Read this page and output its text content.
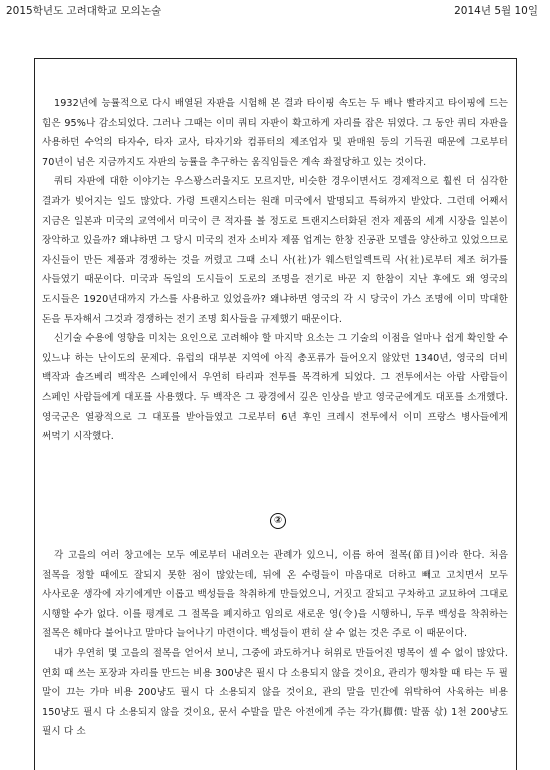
2015학년도 고려대학교 모의논술	2014년 5월 10일

1932년에 능률적으로 다시 배열된 자판을 시험해 본 결과 타이핑 속도는 두 배나 빨라지고 타이핑에 드는 힘은 95%나 감소되었다. 그러나 그때는 이미 쿼티 자판이 확고하게 자리를 잡은 뒤였다. 그 동안 쿼티 자판을 사용하던 수억의 타자수, 타자 교사, 타자기와 컴퓨터의 제조업자 및 판매원 등의 기득권 때문에 그로부터 70년이 넘은 지금까지도 자판의 능률을 추구하는 움직임들은 계속 좌절당하고 있는 것이다.

쿼티 자판에 대한 이야기는 우스꽝스러울지도 모르지만, 비슷한 경우이면서도 경제적으로 훨씬 더 심각한 결과가 빚어지는 일도 많았다. 가령 트랜지스터는 원래 미국에서 발명되고 특허까지 받았다. 그런데 어째서 지금은 일본과 미국의 교역에서 미국이 큰 적자를 볼 정도로 트랜지스터화된 전자 제품의 세계 시장을 일본이 장악하고 있을까? 왜냐하면 그 당시 미국의 전자 소비자 제품 업계는 한창 진공관 모델을 양산하고 있었으므로 자신들이 만든 제품과 경쟁하는 것을 꺼렸고 그때 소니 사(社)가 웨스턴일렉트릭 사(社)로부터 제조 허가를 사들였기 때문이다. 미국과 독일의 도시들이 도로의 조명을 전기로 바꾼 지 한참이 지난 후에도 왜 영국의 도시들은 1920년대까지 가스를 사용하고 있었을까? 왜냐하면 영국의 각 시 당국이 가스 조명에 이미 막대한 돈을 투자해서 그것과 경쟁하는 전기 조명 회사들을 규제했기 때문이다.

신기술 수용에 영향을 미치는 요인으로 고려해야 할 마지막 요소는 그 기술의 이점을 얼마나 쉽게 확인할 수 있느냐 하는 난이도의 문제다. 유럽의 대부분 지역에 아직 총포류가 들어오지 않았던 1340년, 영국의 더비 백작과 솔즈베리 백작은 스페인에서 우연히 타리파 전투를 목격하게 되었다. 그 전투에서는 아랍 사람들이 스페인 사람들에게 대포를 사용했다. 두 백작은 그 광경에서 깊은 인상을 받고 영국군에게도 대포를 소개했다. 영국군은 열광적으로 그 대포를 받아들였고 그로부터 6년 후인 크레시 전투에서 이미 프랑스 병사들에게 써먹기 시작했다.

②

각 고을의 여러 창고에는 모두 예로부터 내려오는 관례가 있으니, 이름 하여 절목(節目)이라 한다. 처음 절목을 정할 때에도 잘되지 못한 점이 많았는데, 뒤에 온 수령들이 마음대로 더하고 빼고 고치면서 모두 사사로운 생각에 자기에게만 이롭고 백성들을 착취하게 만들었으니, 거짓고 잘되고 구차하고 교묘하여 그대로 시행할 수가 없다. 이를 평계로 그 절목을 폐지하고 임의로 새로운 영(令)을 시행하니, 두루 백성을 착취하는 절목은 해마다 불어나고 말마다 늘어나기 마련이다. 백성들이 편히 살 수 없는 것은 주로 이 때문이다.

내가 우연히 몇 고을의 절목을 얻어서 보니, 그중에 과도하거나 허위로 만들어진 명목이 셀 수 없이 많았다. 연회 때 쓰는 포장과 자리를 만드는 비용 300냥은 필시 다 소용되지 않을 것이요, 관리가 행차할 때 타는 두 필 말이 끄는 가마 비용 200냥도 필시 다 소용되지 않을 것이요, 관의 말을 민간에 위탁하여 사육하는 비용 150냥도 필시 다 소용되지 않을 것이요, 문서 수발을 맡은 아전에게 주는 각가(脚價: 발품 삯) 1천 200냥도 필시 다 소
